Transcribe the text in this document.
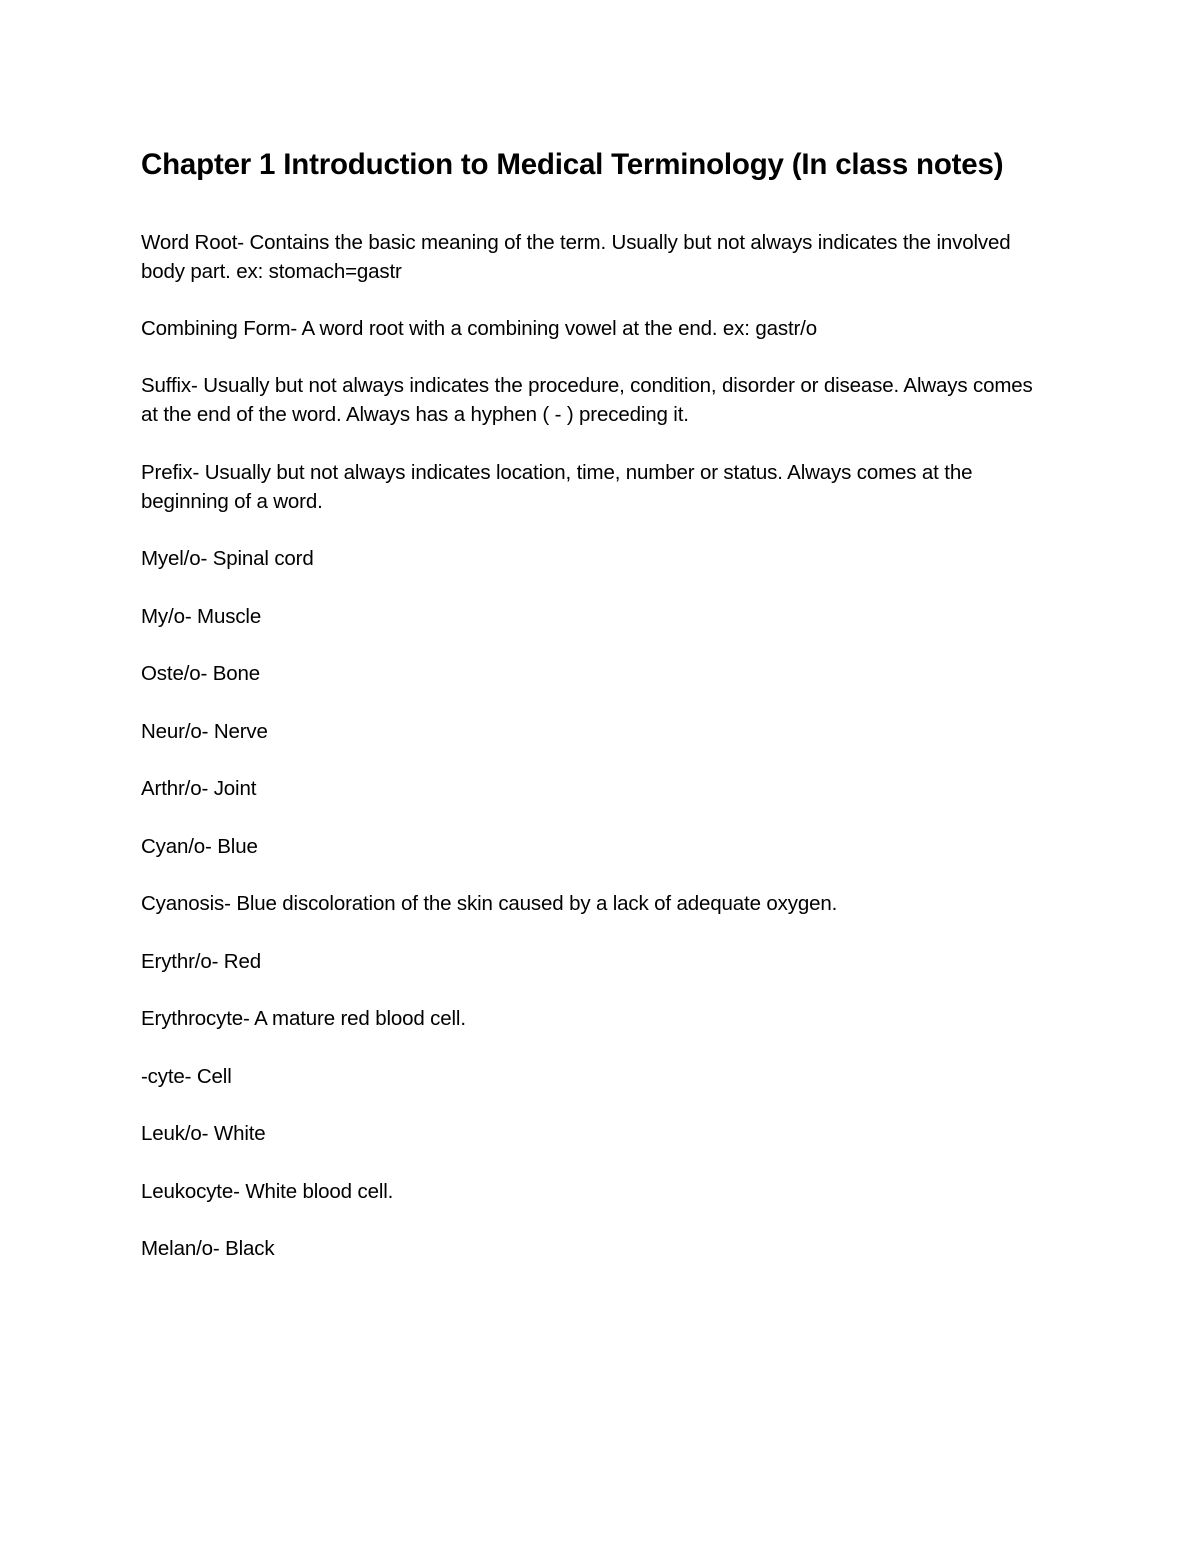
Chapter 1 Introduction to Medical Terminology (In class notes)
Word Root- Contains the basic meaning of the term. Usually but not always indicates the involved body part. ex: stomach=gastr
Combining Form- A word root with a combining vowel at the end. ex: gastr/o
Suffix- Usually but not always indicates the procedure, condition, disorder or disease. Always comes at the end of the word. Always has a hyphen ( - ) preceding it.
Prefix- Usually but not always indicates location, time, number or status. Always comes at the beginning of a word.
Myel/o- Spinal cord
My/o- Muscle
Oste/o- Bone
Neur/o- Nerve
Arthr/o- Joint
Cyan/o- Blue
Cyanosis- Blue discoloration of the skin caused by a lack of adequate oxygen.
Erythr/o- Red
Erythrocyte- A mature red blood cell.
-cyte- Cell
Leuk/o- White
Leukocyte- White blood cell.
Melan/o- Black
